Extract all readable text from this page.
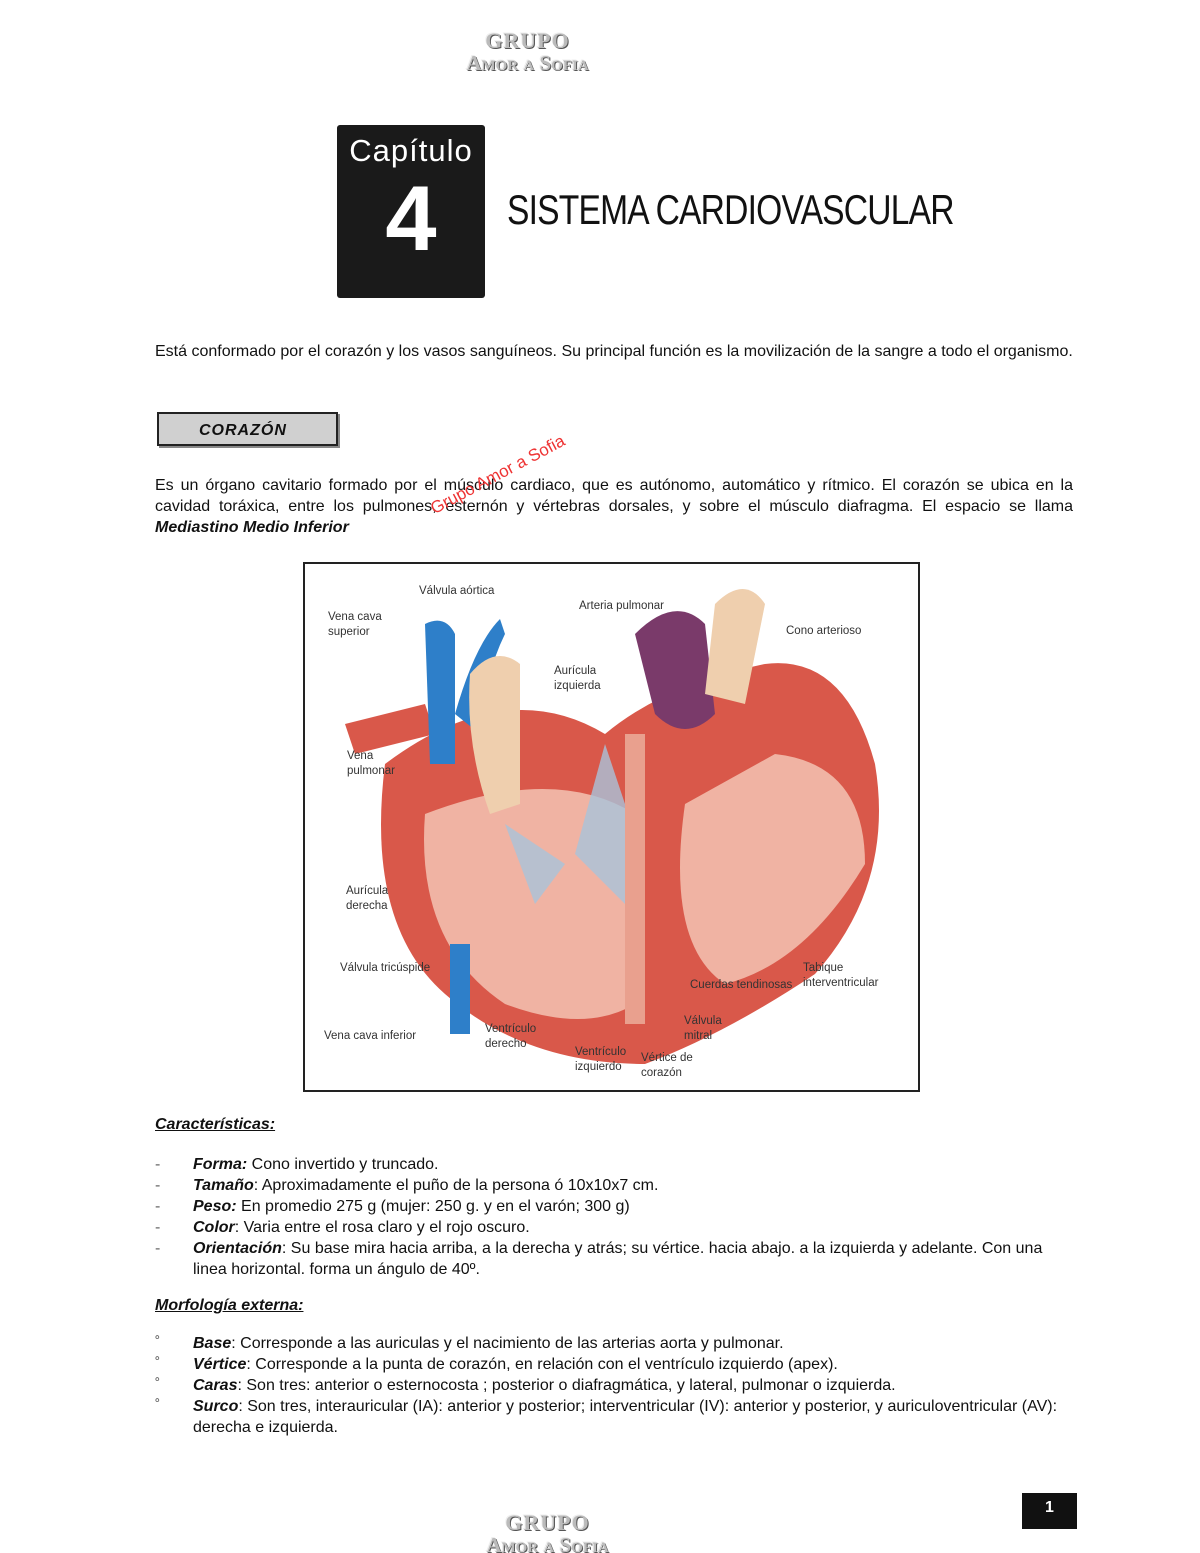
GRUPO
Amor a Sofia
Capítulo
4	SISTEMA CARDIOVASCULAR
Está conformado por el corazón y los vasos sanguíneos. Su principal función es la movilización de la sangre a todo el organismo.
CORAZÓN
Es un órgano cavitario formado por el músculo cardiaco, que es autónomo, automático y rítmico. El corazón se ubica en la cavidad toráxica, entre los pulmones, esternón y vértebras dorsales, y sobre el músculo diafragma. El espacio se llama Mediastino Medio Inferior
Grupo Amor a Sofia
Válvula aórtica
Vena cava
superior
Arteria pulmonar
Cono arterioso
Aurícula
izquierda
Vena
pulmonar
Aurícula
derecha
Válvula tricúspide
Cuerdas tendinosas
Tabique
interventricular
Válvula
mitral
Vena cava inferior
Ventrículo
derecho
Ventrículo
izquierdo
Vértice de
corazón
Características:
- Forma: Cono invertido y truncado.
- Tamaño: Aproximadamente el puño de la persona ó 10x10x7 cm.
- Peso: En promedio 275 g (mujer: 250 g. y en el varón; 300 g)
- Color: Varia entre el rosa claro y el rojo oscuro.
- Orientación: Su base mira hacia arriba, a la derecha y atrás; su vértice. hacia abajo. a la izquierda y adelante. Con una linea horizontal. forma un ángulo de 40º.
Morfología externa:
˚ Base: Corresponde a las auriculas y el nacimiento de las arterias aorta y pulmonar.
˚ Vértice: Corresponde a la punta de corazón, en relación con el ventrículo izquierdo (apex).
˚ Caras: Son tres: anterior o esternocosta ; posterior o diafragmática, y lateral, pulmonar o izquierda.
˚ Surco: Son tres, interauricular (IA): anterior y posterior; interventricular (IV): anterior y posterior, y auriculoventricular (AV): derecha e izquierda.
1
GRUPO
Amor a Sofia
